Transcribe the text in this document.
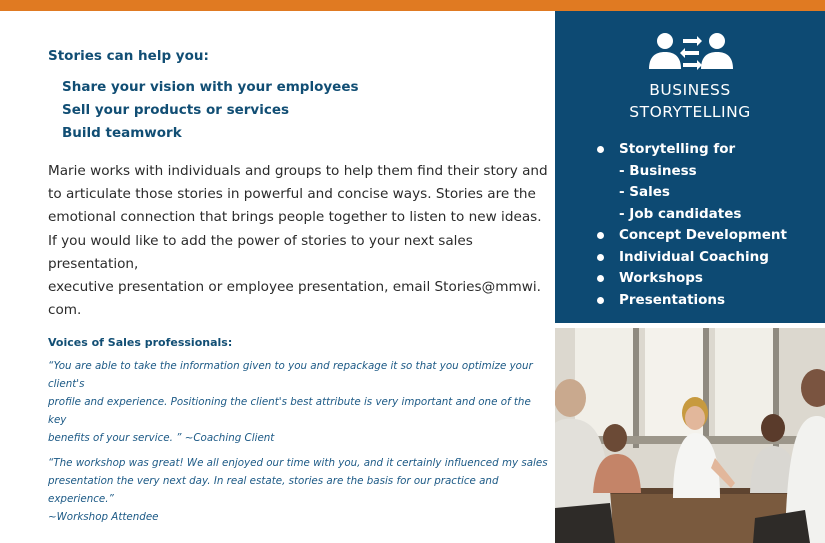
Stories can help you:
Share your vision with your employees
Sell your products or services
Build teamwork
Marie works with individuals and groups to help them find their story and
to articulate those stories in powerful and concise ways. Stories are the
emotional connection that brings people together to listen to new ideas.
If you would like to add the power of stories to your next sales presentation,
executive presentation or employee presentation, email Stories@mmwi. com.
Voices of Sales professionals:
“You are able to take the information given to you and repackage it so that you optimize your client's
profile and experience. Positioning the client's best attribute is very important and one of the key
benefits of your service. ” ~Coaching Client
“The workshop was great! We all enjoyed our time with you, and it certainly influenced my sales
presentation the very next day. In real estate, stories are the basis for our practice and experience.”
~Workshop Attendee
BUSINESS
STORYTELLING
Storytelling for
- Business
- Sales
- Job candidates
Concept Development
Individual Coaching
Workshops
Presentations
